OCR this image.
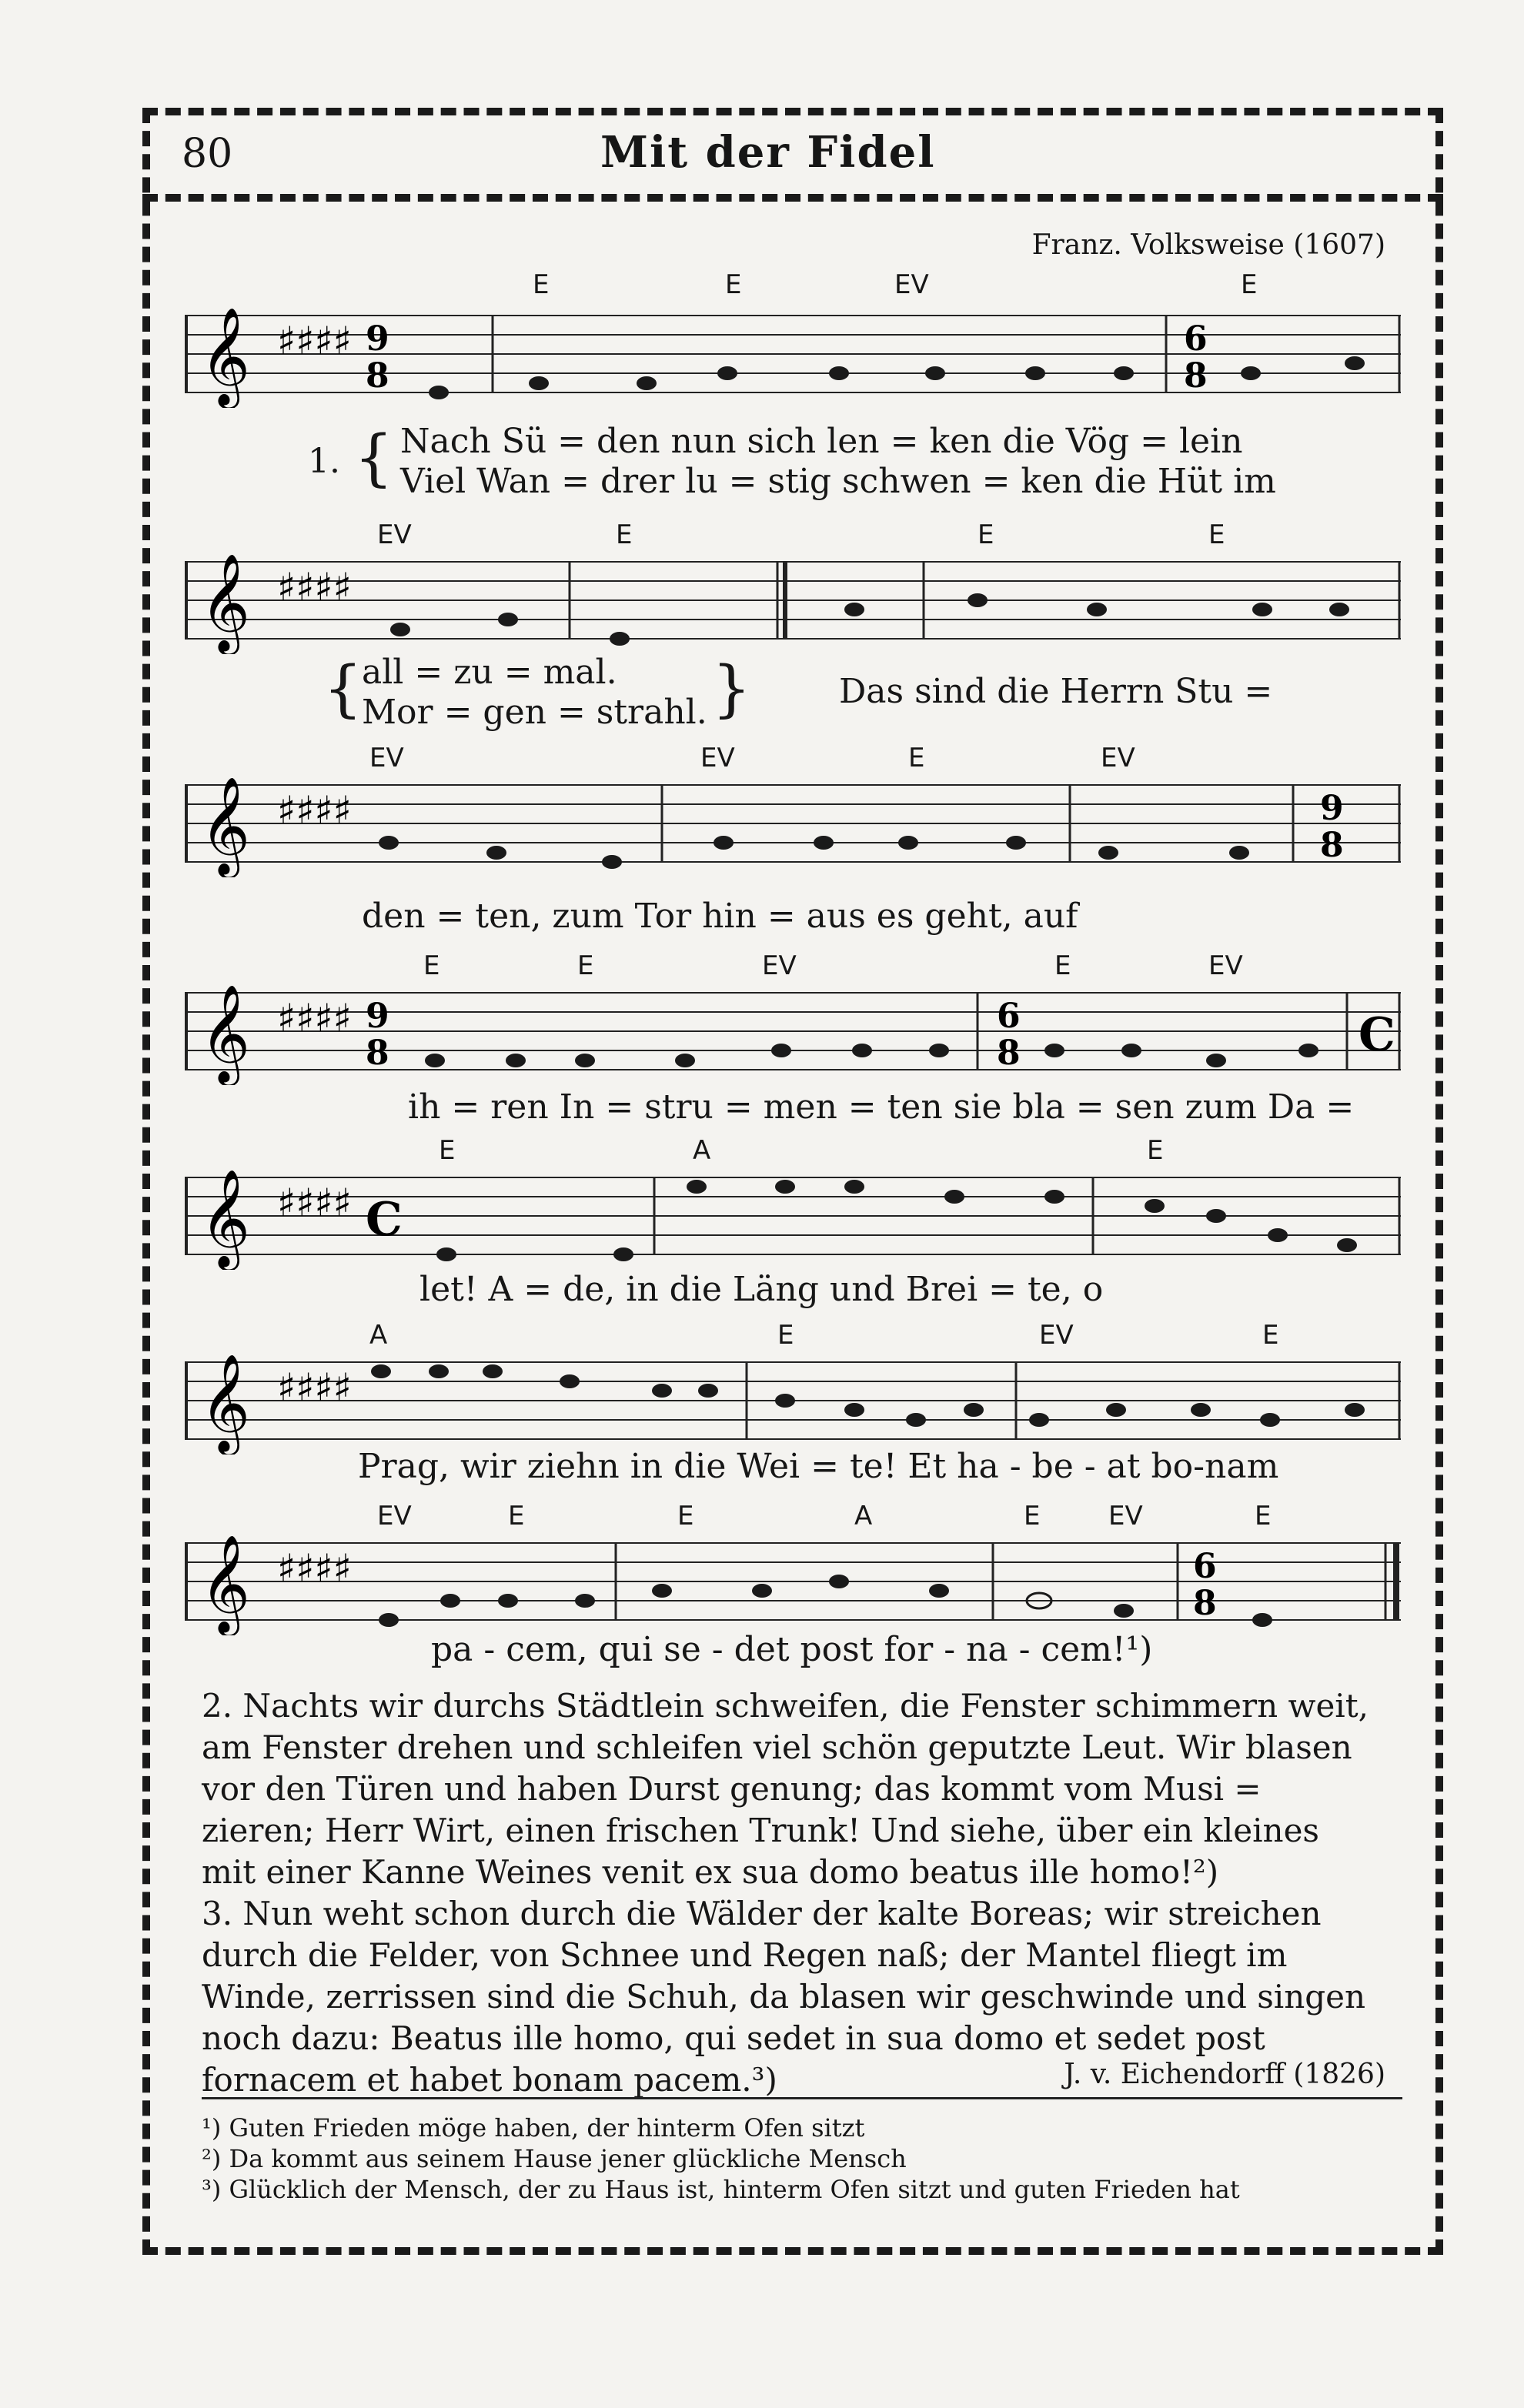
80	Mit der Fidel
Franz. Volksweise (1607)
E	E	EV	E
𝄞 ♯♯♯♯ 9
8
6
8
1. { Nach Sü = den nun sich len = ken die Vög = lein
Viel Wan = drer lu = stig schwen = ken die Hüt im
EV	E	E	E
𝄞 ♯♯♯♯
{ all = zu = mal.
Mor = gen = strahl. }	Das sind die Herrn Stu =
EV	EV	E	EV
𝄞 ♯♯♯♯	9
8
den = ten, zum Tor hin = aus es geht, auf
E	E	EV	E	EV
𝄞 ♯♯♯♯ 9
8
6
8	C
ih = ren In = stru = men = ten sie bla = sen zum Da =
E	A	E
𝄞 ♯♯♯♯ C
let! A = de, in die Läng und Brei = te, o
A	E	EV	E
𝄞 ♯♯♯♯
Prag, wir ziehn in die Wei = te! Et ha - be - at bo-nam
EV	E	E	A	E	EV	E
𝄞 ♯♯♯♯	6
8
pa - cem, qui se - det post for - na - cem!¹)

2. Nachts wir durchs Städtlein schweifen, die Fenster schimmern weit,

am Fenster drehen und schleifen viel schön geputzte Leut. Wir blasen

vor den Türen und haben Durst genung; das kommt vom Musi =

zieren; Herr Wirt, einen frischen Trunk! Und siehe, über ein kleines

mit einer Kanne Weines venit ex sua domo beatus ille homo!²)

3. Nun weht schon durch die Wälder der kalte Boreas; wir streichen

durch die Felder, von Schnee und Regen naß; der Mantel fliegt im

Winde, zerrissen sind die Schuh, da blasen wir geschwinde und singen

noch dazu: Beatus ille homo, qui sedet in sua domo et sedet post

fornacem et habet bonam pacem.³)	J. v. Eichendorff (1826)

¹) Guten Frieden möge haben, der hinterm Ofen sitzt

²) Da kommt aus seinem Hause jener glückliche Mensch

³) Glücklich der Mensch, der zu Haus ist, hinterm Ofen sitzt und guten Frieden hat
